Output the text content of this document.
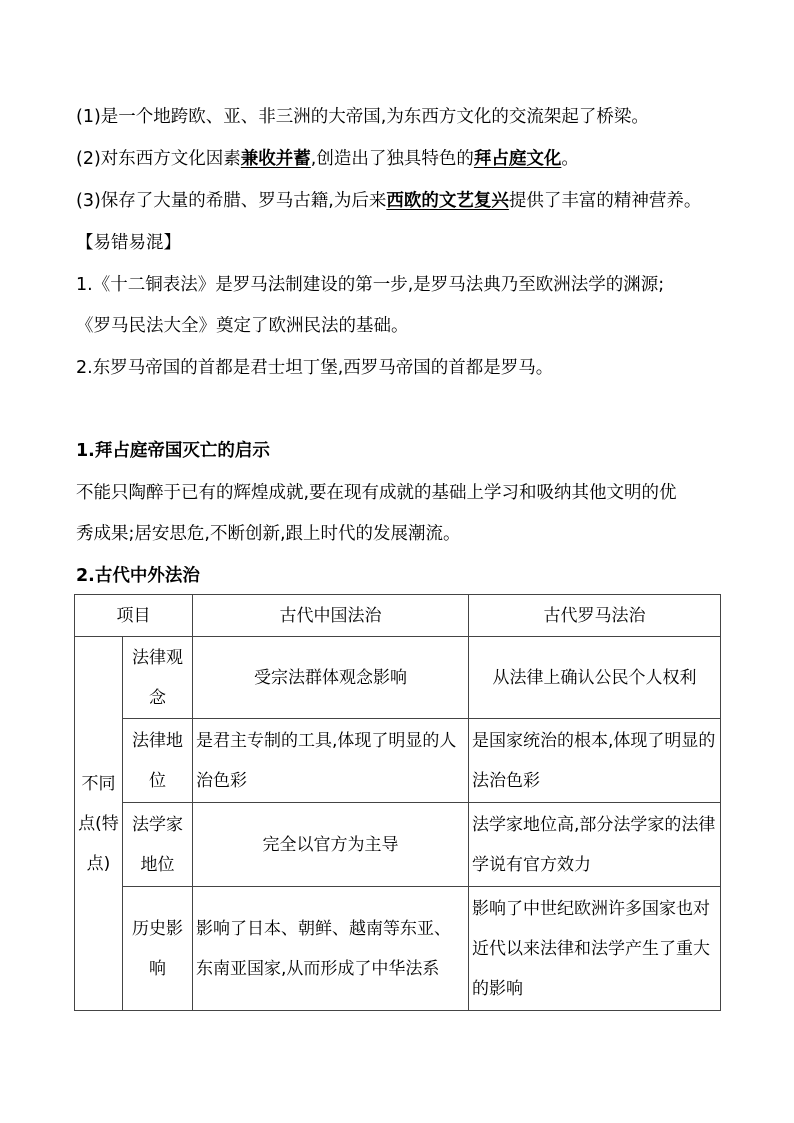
(1)是一个地跨欧、亚、非三洲的大帝国,为东西方文化的交流架起了桥梁。
(2)对东西方文化因素兼收并蓄,创造出了独具特色的拜占庭文化。
(3)保存了大量的希腊、罗马古籍,为后来西欧的文艺复兴提供了丰富的精神营养。
【易错易混】
1.《十二铜表法》是罗马法制建设的第一步,是罗马法典乃至欧洲法学的渊源;
《罗马民法大全》奠定了欧洲民法的基础。
2.东罗马帝国的首都是君士坦丁堡,西罗马帝国的首都是罗马。
1.拜占庭帝国灭亡的启示
不能只陶醉于已有的辉煌成就,要在现有成就的基础上学习和吸纳其他文明的优
秀成果;居安思危,不断创新,跟上时代的发展潮流。
2.古代中外法治
项目		古代中国法治	古代罗马法治
不同点(特点)	法律观念	受宗法群体观念影响	从法律上确认公民个人权利
	法律地位	是君主专制的工具,体现了明显的人治色彩	是国家统治的根本,体现了明显的法治色彩
	法学家地位	完全以官方为主导	法学家地位高,部分法学家的法律学说有官方效力
	历史影响	影响了日本、朝鲜、越南等东亚、东南亚国家,从而形成了中华法系	影响了中世纪欧洲许多国家也对近代以来法律和法学产生了重大的影响
